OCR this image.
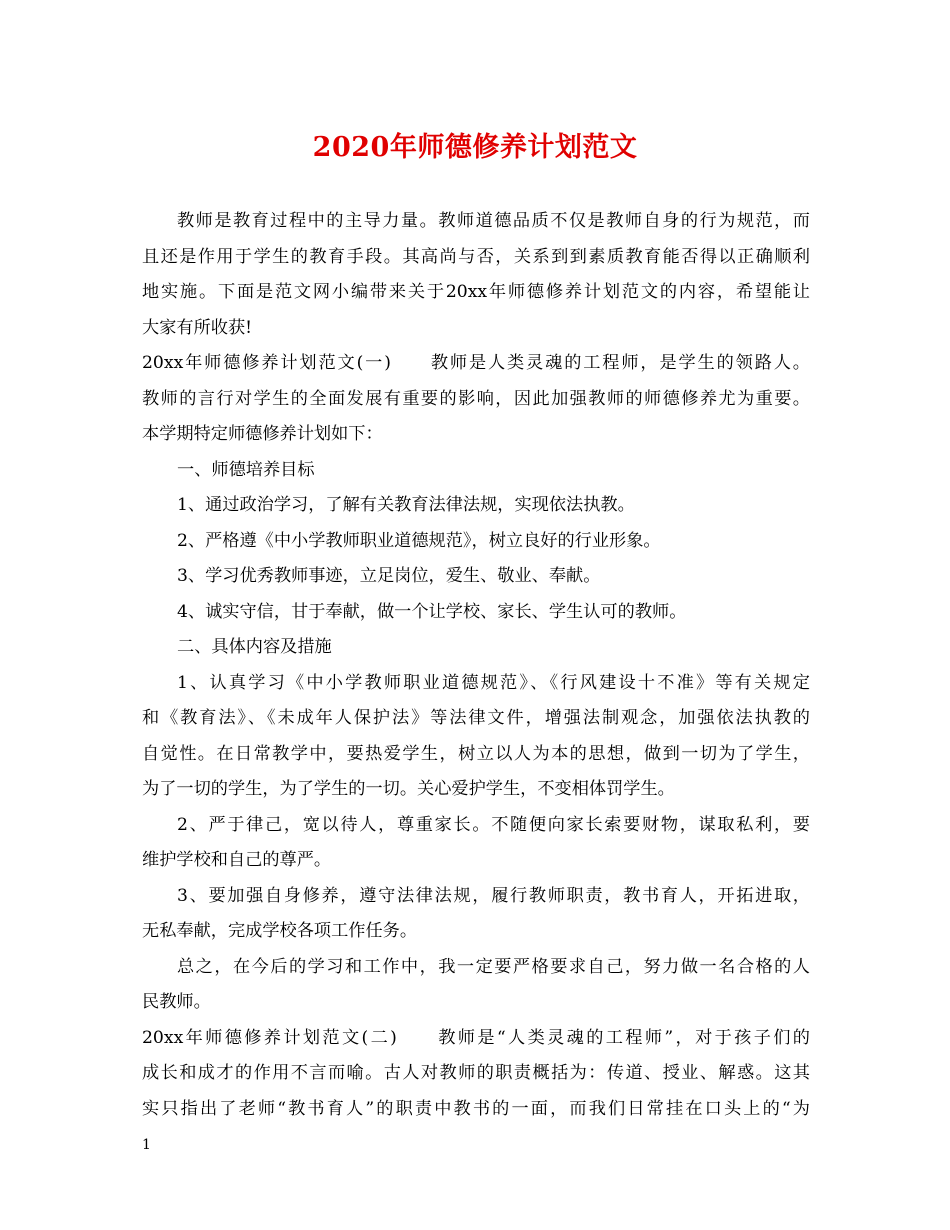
2020年师德修养计划范文
教师是教育过程中的主导力量。教师道德品质不仅是教师自身的行为规范，而
且还是作用于学生的教育手段。其高尚与否，关系到到素质教育能否得以正确顺利
地实施。下面是范文网小编带来关于20xx年师德修养计划范文的内容，希望能让
大家有所收获!
20xx年师德修养计划范文(一)　　教师是人类灵魂的工程师，是学生的领路人。
教师的言行对学生的全面发展有重要的影响，因此加强教师的师德修养尤为重要。
本学期特定师德修养计划如下：
一、师德培养目标
1、通过政治学习，了解有关教育法律法规，实现依法执教。
2、严格遵《中小学教师职业道德规范》，树立良好的行业形象。
3、学习优秀教师事迹，立足岗位，爱生、敬业、奉献。
4、诚实守信，甘于奉献，做一个让学校、家长、学生认可的教师。
二、具体内容及措施
1、认真学习《中小学教师职业道德规范》、《行风建设十不准》等有关规定
和《教育法》、《未成年人保护法》等法律文件，增强法制观念，加强依法执教的
自觉性。在日常教学中，要热爱学生，树立以人为本的思想，做到一切为了学生，
为了一切的学生，为了学生的一切。关心爱护学生，不变相体罚学生。
2、严于律己，宽以待人，尊重家长。不随便向家长索要财物，谋取私利，要
维护学校和自己的尊严。
3、要加强自身修养，遵守法律法规，履行教师职责，教书育人，开拓进取，
无私奉献，完成学校各项工作任务。
总之，在今后的学习和工作中，我一定要严格要求自己，努力做一名合格的人
民教师。
20xx年师德修养计划范文(二)　　教师是“人类灵魂的工程师”，对于孩子们的
成长和成才的作用不言而喻。古人对教师的职责概括为：传道、授业、解惑。这其
实只指出了老师“教书育人”的职责中教书的一面，而我们日常挂在口头上的“为
1
